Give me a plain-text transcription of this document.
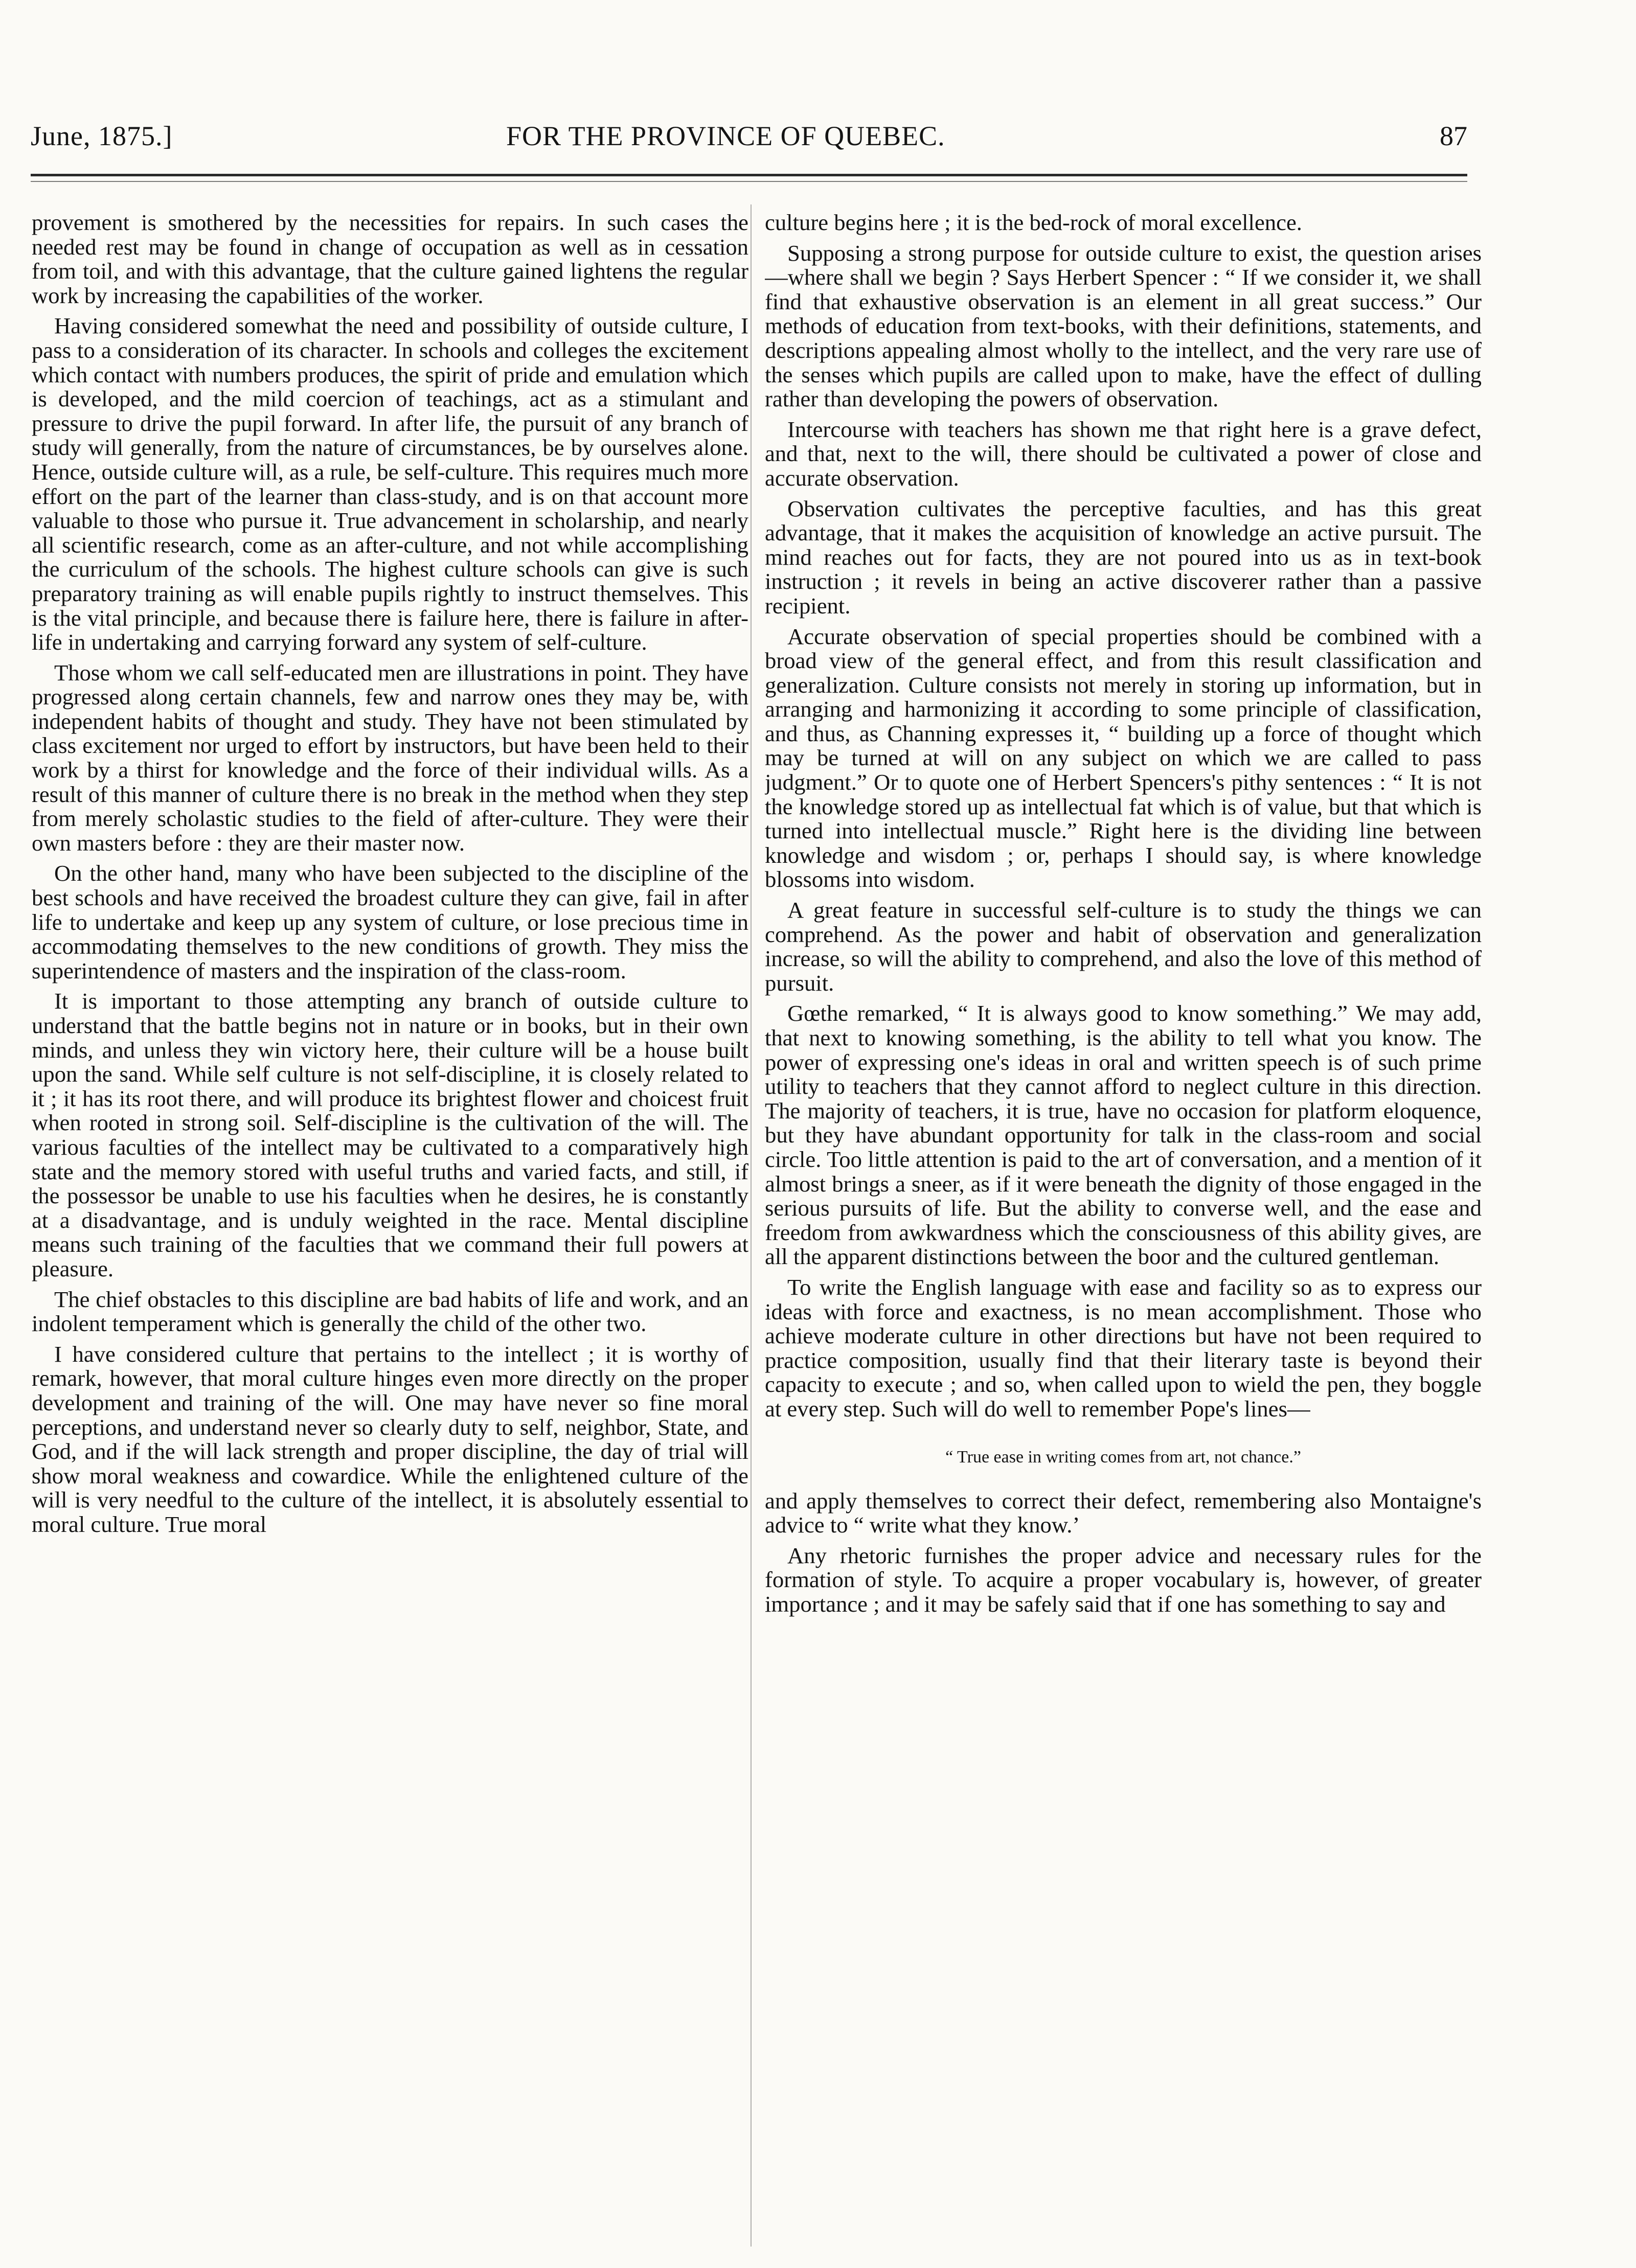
June, 1875.]	FOR THE PROVINCE OF QUEBEC.	87

provement is smothered by the necessities for repairs. In such cases the needed rest may be found in change of occupation as well as in cessation from toil, and with this advantage, that the culture gained lightens the regular work by increasing the capabilities of the worker.

Having considered somewhat the need and possibility of outside culture, I pass to a consideration of its character. In schools and colleges the excitement which contact with numbers produces, the spirit of pride and emulation which is developed, and the mild coercion of teachings, act as a stimulant and pressure to drive the pupil forward. In after life, the pursuit of any branch of study will generally, from the nature of circumstances, be by ourselves alone. Hence, outside culture will, as a rule, be self-culture. This requires much more effort on the part of the learner than class-study, and is on that account more valuable to those who pursue it. True advancement in scholarship, and nearly all scientific research, come as an after-culture, and not while accomplishing the curriculum of the schools. The highest culture schools can give is such preparatory training as will enable pupils rightly to instruct themselves. This is the vital principle, and because there is failure here, there is failure in after-life in undertaking and carrying forward any system of self-culture.

Those whom we call self-educated men are illustrations in point. They have progressed along certain channels, few and narrow ones they may be, with independent habits of thought and study. They have not been stimulated by class excitement nor urged to effort by instructors, but have been held to their work by a thirst for knowledge and the force of their individual wills. As a result of this manner of culture there is no break in the method when they step from merely scholastic studies to the field of after-culture. They were their own masters before : they are their master now.

On the other hand, many who have been subjected to the discipline of the best schools and have received the broadest culture they can give, fail in after life to undertake and keep up any system of culture, or lose precious time in accommodating themselves to the new conditions of growth. They miss the superintendence of masters and the inspiration of the class-room.

It is important to those attempting any branch of outside culture to understand that the battle begins not in nature or in books, but in their own minds, and unless they win victory here, their culture will be a house built upon the sand. While self culture is not self-discipline, it is closely related to it ; it has its root there, and will produce its brightest flower and choicest fruit when rooted in strong soil. Self-discipline is the cultivation of the will. The various faculties of the intellect may be cultivated to a comparatively high state and the memory stored with useful truths and varied facts, and still, if the possessor be unable to use his faculties when he desires, he is constantly at a disadvantage, and is unduly weighted in the race. Mental discipline means such training of the faculties that we command their full powers at pleasure.

The chief obstacles to this discipline are bad habits of life and work, and an indolent temperament which is generally the child of the other two.

I have considered culture that pertains to the intellect ; it is worthy of remark, however, that moral culture hinges even more directly on the proper development and training of the will. One may have never so fine moral perceptions, and understand never so clearly duty to self, neighbor, State, and God, and if the will lack strength and proper discipline, the day of trial will show moral weakness and cowardice. While the enlightened culture of the will is very needful to the culture of the intellect, it is absolutely essential to moral culture. True moral

culture begins here ; it is the bed-rock of moral excellence.

Supposing a strong purpose for outside culture to exist, the question arises—where shall we begin ? Says Herbert Spencer : “ If we consider it, we shall find that exhaustive observation is an element in all great success.” Our methods of education from text-books, with their definitions, statements, and descriptions appealing almost wholly to the intellect, and the very rare use of the senses which pupils are called upon to make, have the effect of dulling rather than developing the powers of observation.

Intercourse with teachers has shown me that right here is a grave defect, and that, next to the will, there should be cultivated a power of close and accurate observation.

Observation cultivates the perceptive faculties, and has this great advantage, that it makes the acquisition of knowledge an active pursuit. The mind reaches out for facts, they are not poured into us as in text-book instruction ; it revels in being an active discoverer rather than a passive recipient.

Accurate observation of special properties should be combined with a broad view of the general effect, and from this result classification and generalization. Culture consists not merely in storing up information, but in arranging and harmonizing it according to some principle of classification, and thus, as Channing expresses it, “ building up a force of thought which may be turned at will on any subject on which we are called to pass judgment.” Or to quote one of Herbert Spencers's pithy sentences : “ It is not the knowledge stored up as intellectual fat which is of value, but that which is turned into intellectual muscle.” Right here is the dividing line between knowledge and wisdom ; or, perhaps I should say, is where knowledge blossoms into wisdom.

A great feature in successful self-culture is to study the things we can comprehend. As the power and habit of observation and generalization increase, so will the ability to comprehend, and also the love of this method of pursuit.

Gœthe remarked, “ It is always good to know something.” We may add, that next to knowing something, is the ability to tell what you know. The power of expressing one's ideas in oral and written speech is of such prime utility to teachers that they cannot afford to neglect culture in this direction. The majority of teachers, it is true, have no occasion for platform eloquence, but they have abundant opportunity for talk in the class-room and social circle. Too little attention is paid to the art of conversation, and a mention of it almost brings a sneer, as if it were beneath the dignity of those engaged in the serious pursuits of life. But the ability to converse well, and the ease and freedom from awkwardness which the consciousness of this ability gives, are all the apparent distinctions between the boor and the cultured gentleman.

To write the English language with ease and facility so as to express our ideas with force and exactness, is no mean accomplishment. Those who achieve moderate culture in other directions but have not been required to practice composition, usually find that their literary taste is beyond their capacity to execute ; and so, when called upon to wield the pen, they boggle at every step. Such will do well to remember Pope's lines—

“ True ease in writing comes from art, not chance.”

and apply themselves to correct their defect, remembering also Montaigne's advice to “ write what they know.’

Any rhetoric furnishes the proper advice and necessary rules for the formation of style. To acquire a proper vocabulary is, however, of greater importance ; and it may be safely said that if one has something to say and
